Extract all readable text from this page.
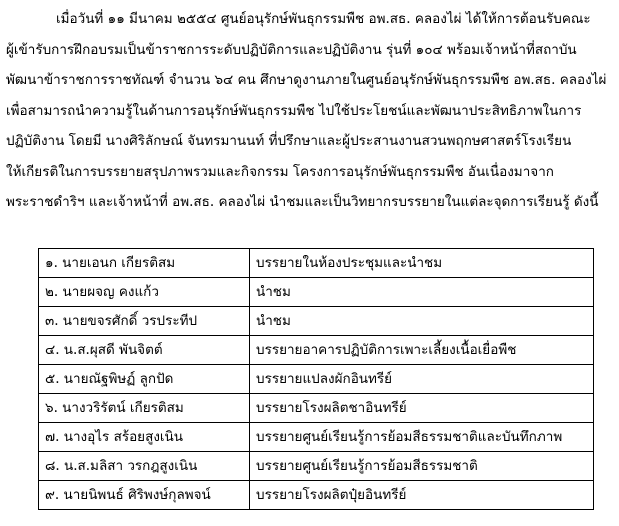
เมื่อวันที่ ๑๑ มีนาคม ๒๕๕๔ ศูนย์อนุรักษ์พันธุกรรมพืช อพ.สธ. คลองไผ่ ได้ให้การต้อนรับคณะ
ผู้เข้ารับการฝึกอบรมเป็นข้าราชการระดับปฏิบัติการและปฏิบัติงาน รุ่นที่ ๑๐๔ พร้อมเจ้าหน้าที่สถาบัน
พัฒนาข้าราชการราชทัณฑ์ จำนวน ๖๔ คน ศึกษาดูงานภายในศูนย์อนุรักษ์พันธุกรรมพืช อพ.สธ. คลองไผ่
เพื่อสามารถนำความรู้ในด้านการอนุรักษ์พันธุกรรมพืช ไปใช้ประโยชน์และพัฒนาประสิทธิภาพในการ
ปฏิบัติงาน โดยมี นางศิริลักษณ์ จันทรมานนท์ ที่ปรึกษาและผู้ประสานงานสวนพฤกษศาสตร์โรงเรียน
ให้เกียรติในการบรรยายสรุปภาพรวมและกิจกรรม โครงการอนุรักษ์พันธุกรรมพืช อันเนื่องมาจาก
พระราชดำริฯ และเจ้าหน้าที่ อพ.สธ. คลองไผ่ นำชมและเป็นวิทยากรบรรยายในแต่ละจุดการเรียนรู้ ดังนี้
๑. นายเอนก เกียรติสม	บรรยายในห้องประชุมและนำชม
๒. นายผจญ คงแก้ว	นำชม
๓. นายขจรศักดิ์ วรประทีป	นำชม
๔. น.ส.ผุสดี พันจิตต์	บรรยายอาคารปฏิบัติการเพาะเลี้ยงเนื้อเยื่อพืช
๕. นายณัฐพิษฏ์ ลูกปัด	บรรยายแปลงผักอินทรีย์
๖. นางวริรัตน์ เกียรติสม	บรรยายโรงผลิตชาอินทรีย์
๗. นางอุไร สร้อยสูงเนิน	บรรยายศูนย์เรียนรู้การย้อมสีธรรมชาติและบันทึกภาพ
๘. น.ส.มลิสา วรกฎสูงเนิน	บรรยายศูนย์เรียนรู้การย้อมสีธรรมชาติ
๙. นายนิพนธ์ ศิริพงษ์กุลพจน์	บรรยายโรงผลิตปุ๋ยอินทรีย์
